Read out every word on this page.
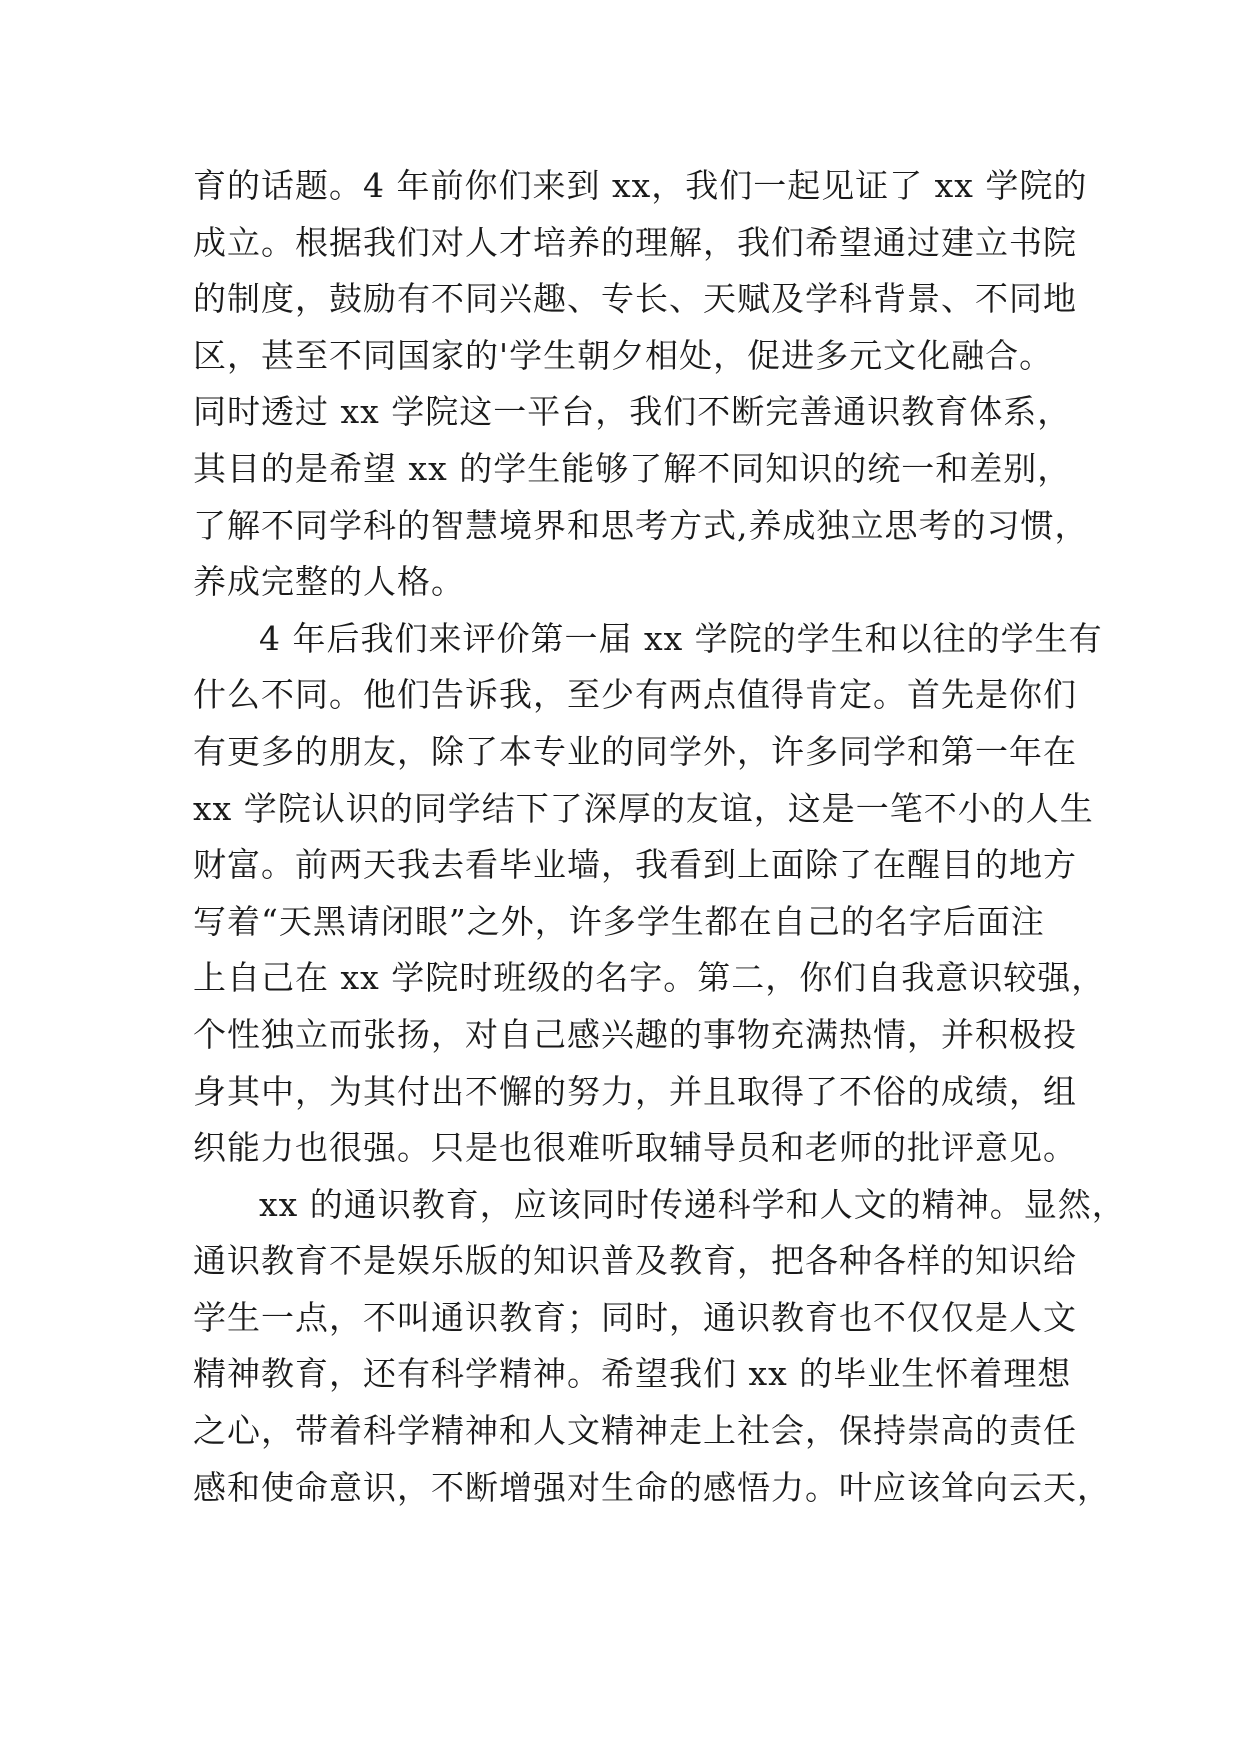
育的话题。4 年前你们来到 xx，我们一起见证了 xx 学院的
成立。根据我们对人才培养的理解，我们希望通过建立书院
的制度，鼓励有不同兴趣、专长、天赋及学科背景、不同地
区，甚至不同国家的'学生朝夕相处，促进多元文化融合。
同时透过 xx 学院这一平台，我们不断完善通识教育体系，
其目的是希望 xx 的学生能够了解不同知识的统一和差别，
了解不同学科的智慧境界和思考方式,养成独立思考的习惯，
养成完整的人格。
4 年后我们来评价第一届 xx 学院的学生和以往的学生有
什么不同。他们告诉我，至少有两点值得肯定。首先是你们
有更多的朋友，除了本专业的同学外，许多同学和第一年在
xx 学院认识的同学结下了深厚的友谊，这是一笔不小的人生
财富。前两天我去看毕业墙，我看到上面除了在醒目的地方
写着“天黑请闭眼”之外，许多学生都在自己的名字后面注
上自己在 xx 学院时班级的名字。第二，你们自我意识较强，
个性独立而张扬，对自己感兴趣的事物充满热情，并积极投
身其中，为其付出不懈的努力，并且取得了不俗的成绩，组
织能力也很强。只是也很难听取辅导员和老师的批评意见。
xx 的通识教育，应该同时传递科学和人文的精神。显然，
通识教育不是娱乐版的知识普及教育，把各种各样的知识给
学生一点，不叫通识教育；同时，通识教育也不仅仅是人文
精神教育，还有科学精神。希望我们 xx 的毕业生怀着理想
之心，带着科学精神和人文精神走上社会，保持崇高的责任
感和使命意识，不断增强对生命的感悟力。叶应该耸向云天，
